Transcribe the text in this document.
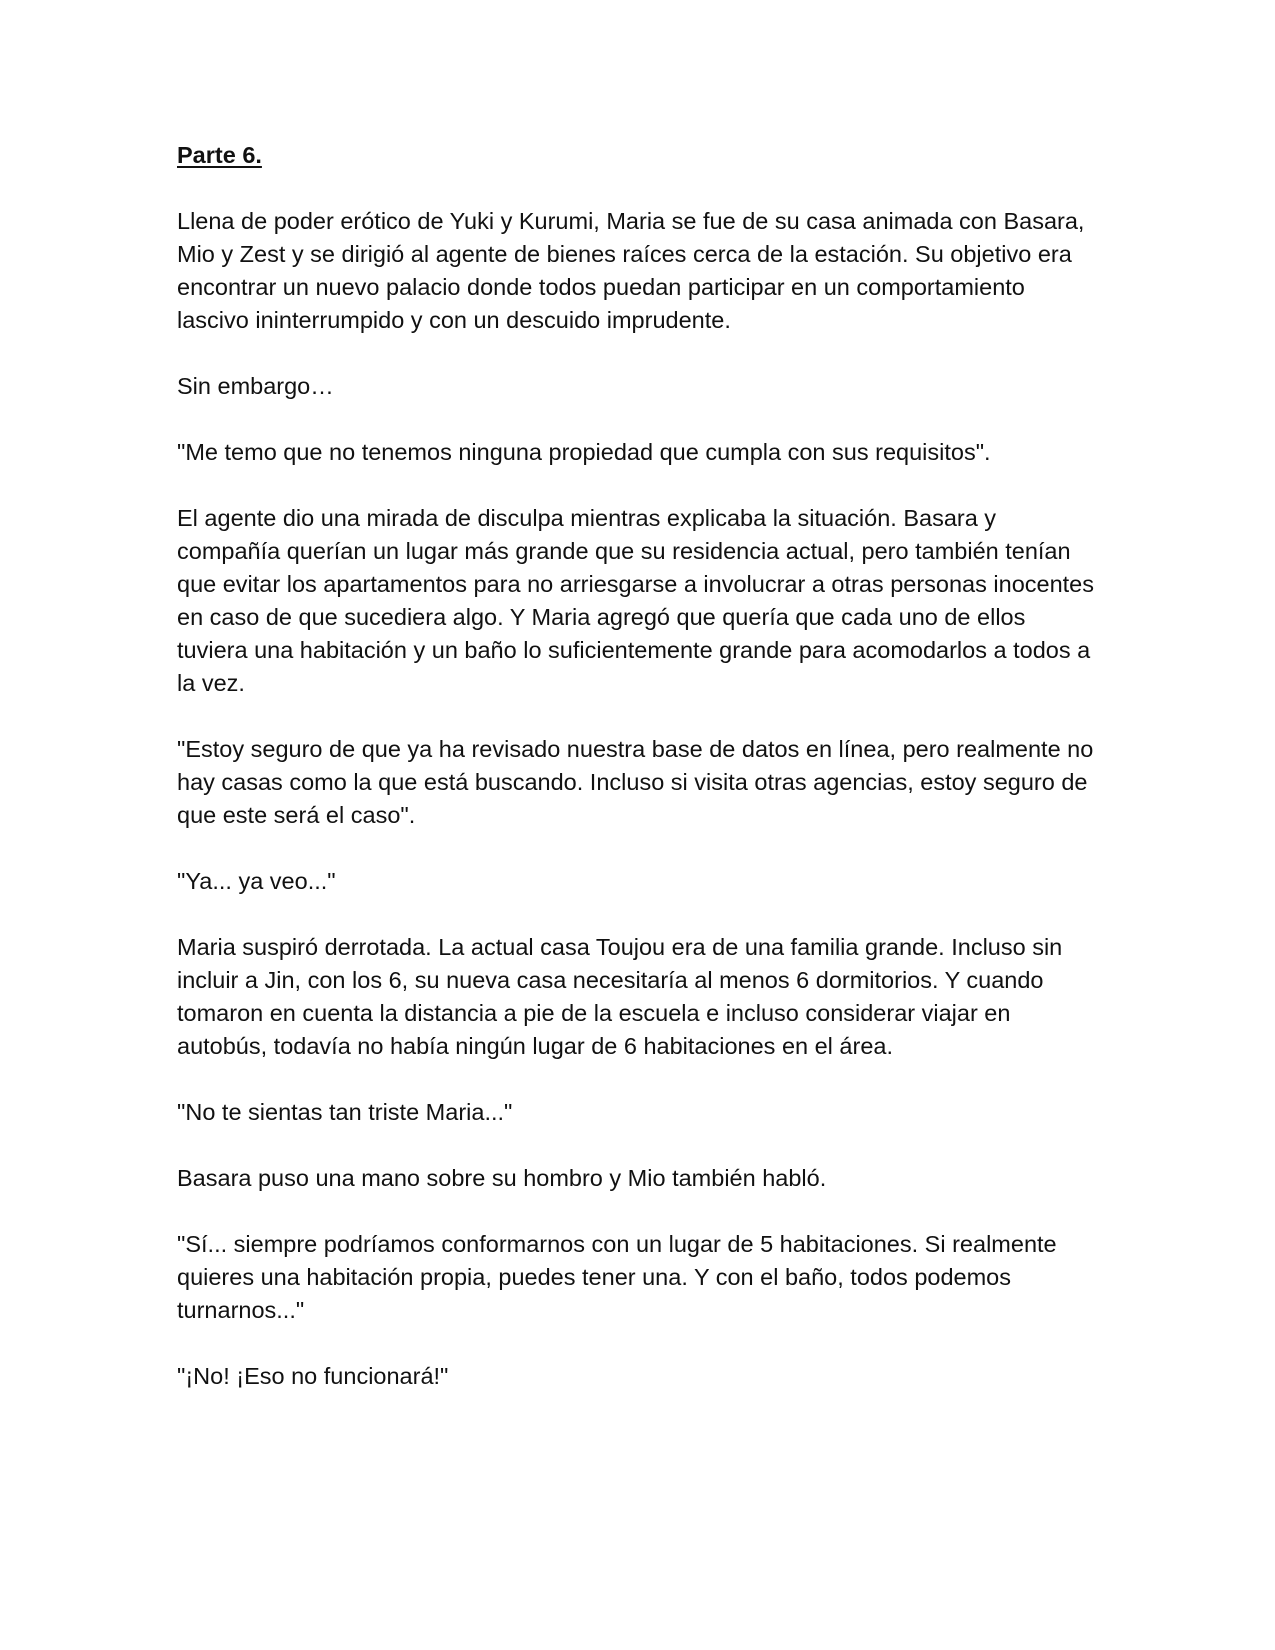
Parte 6.

Llena de poder erótico de Yuki y Kurumi, Maria se fue de su casa animada con Basara, Mio y Zest y se dirigió al agente de bienes raíces cerca de la estación. Su objetivo era encontrar un nuevo palacio donde todos puedan participar en un comportamiento lascivo ininterrumpido y con un descuido imprudente.

Sin embargo…

"Me temo que no tenemos ninguna propiedad que cumpla con sus requisitos".

El agente dio una mirada de disculpa mientras explicaba la situación. Basara y compañía querían un lugar más grande que su residencia actual, pero también tenían que evitar los apartamentos para no arriesgarse a involucrar a otras personas inocentes en caso de que sucediera algo. Y Maria agregó que quería que cada uno de ellos tuviera una habitación y un baño lo suficientemente grande para acomodarlos a todos a la vez.

"Estoy seguro de que ya ha revisado nuestra base de datos en línea, pero realmente no hay casas como la que está buscando. Incluso si visita otras agencias, estoy seguro de que este será el caso".

"Ya... ya veo..."

Maria suspiró derrotada. La actual casa Toujou era de una familia grande. Incluso sin incluir a Jin, con los 6, su nueva casa necesitaría al menos 6 dormitorios. Y cuando tomaron en cuenta la distancia a pie de la escuela e incluso considerar viajar en autobús, todavía no había ningún lugar de 6 habitaciones en el área.

"No te sientas tan triste Maria..."

Basara puso una mano sobre su hombro y Mio también habló.

"Sí... siempre podríamos conformarnos con un lugar de 5 habitaciones. Si realmente quieres una habitación propia, puedes tener una. Y con el baño, todos podemos turnarnos..."

"¡No! ¡Eso no funcionará!"
